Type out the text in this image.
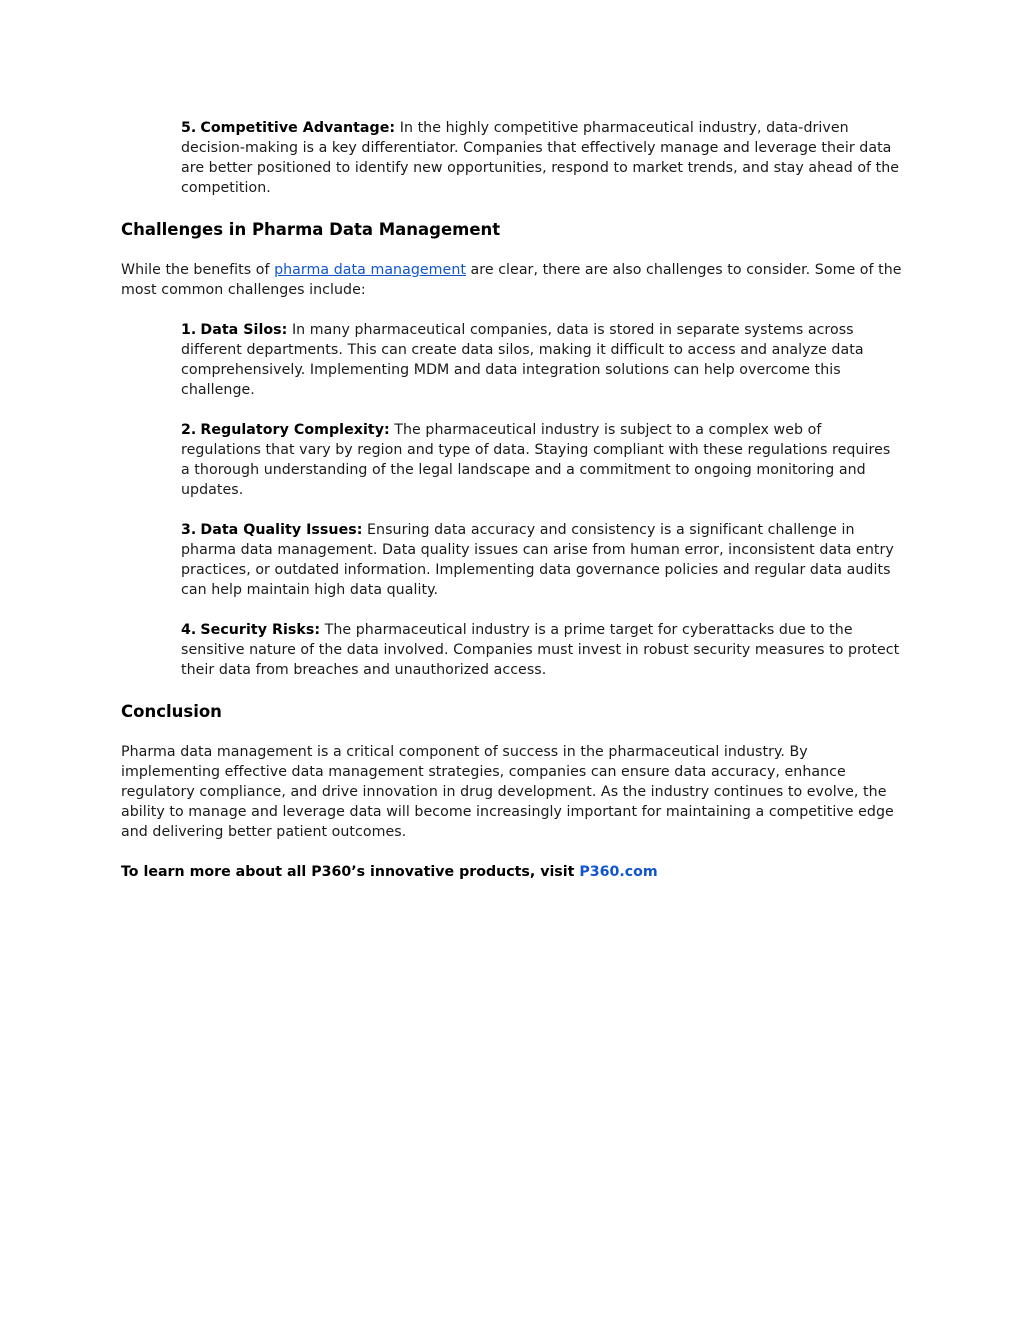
5. Competitive Advantage: In the highly competitive pharmaceutical industry, data-driven decision-making is a key differentiator. Companies that effectively manage and leverage their data are better positioned to identify new opportunities, respond to market trends, and stay ahead of the competition.

Challenges in Pharma Data Management

While the benefits of pharma data management are clear, there are also challenges to consider. Some of the most common challenges include:

1. Data Silos: In many pharmaceutical companies, data is stored in separate systems across different departments. This can create data silos, making it difficult to access and analyze data comprehensively. Implementing MDM and data integration solutions can help overcome this challenge.

2. Regulatory Complexity: The pharmaceutical industry is subject to a complex web of regulations that vary by region and type of data. Staying compliant with these regulations requires a thorough understanding of the legal landscape and a commitment to ongoing monitoring and updates.

3. Data Quality Issues: Ensuring data accuracy and consistency is a significant challenge in pharma data management. Data quality issues can arise from human error, inconsistent data entry practices, or outdated information. Implementing data governance policies and regular data audits can help maintain high data quality.

4. Security Risks: The pharmaceutical industry is a prime target for cyberattacks due to the sensitive nature of the data involved. Companies must invest in robust security measures to protect their data from breaches and unauthorized access.

Conclusion

Pharma data management is a critical component of success in the pharmaceutical industry. By implementing effective data management strategies, companies can ensure data accuracy, enhance regulatory compliance, and drive innovation in drug development. As the industry continues to evolve, the ability to manage and leverage data will become increasingly important for maintaining a competitive edge and delivering better patient outcomes.

To learn more about all P360’s innovative products, visit P360.com
